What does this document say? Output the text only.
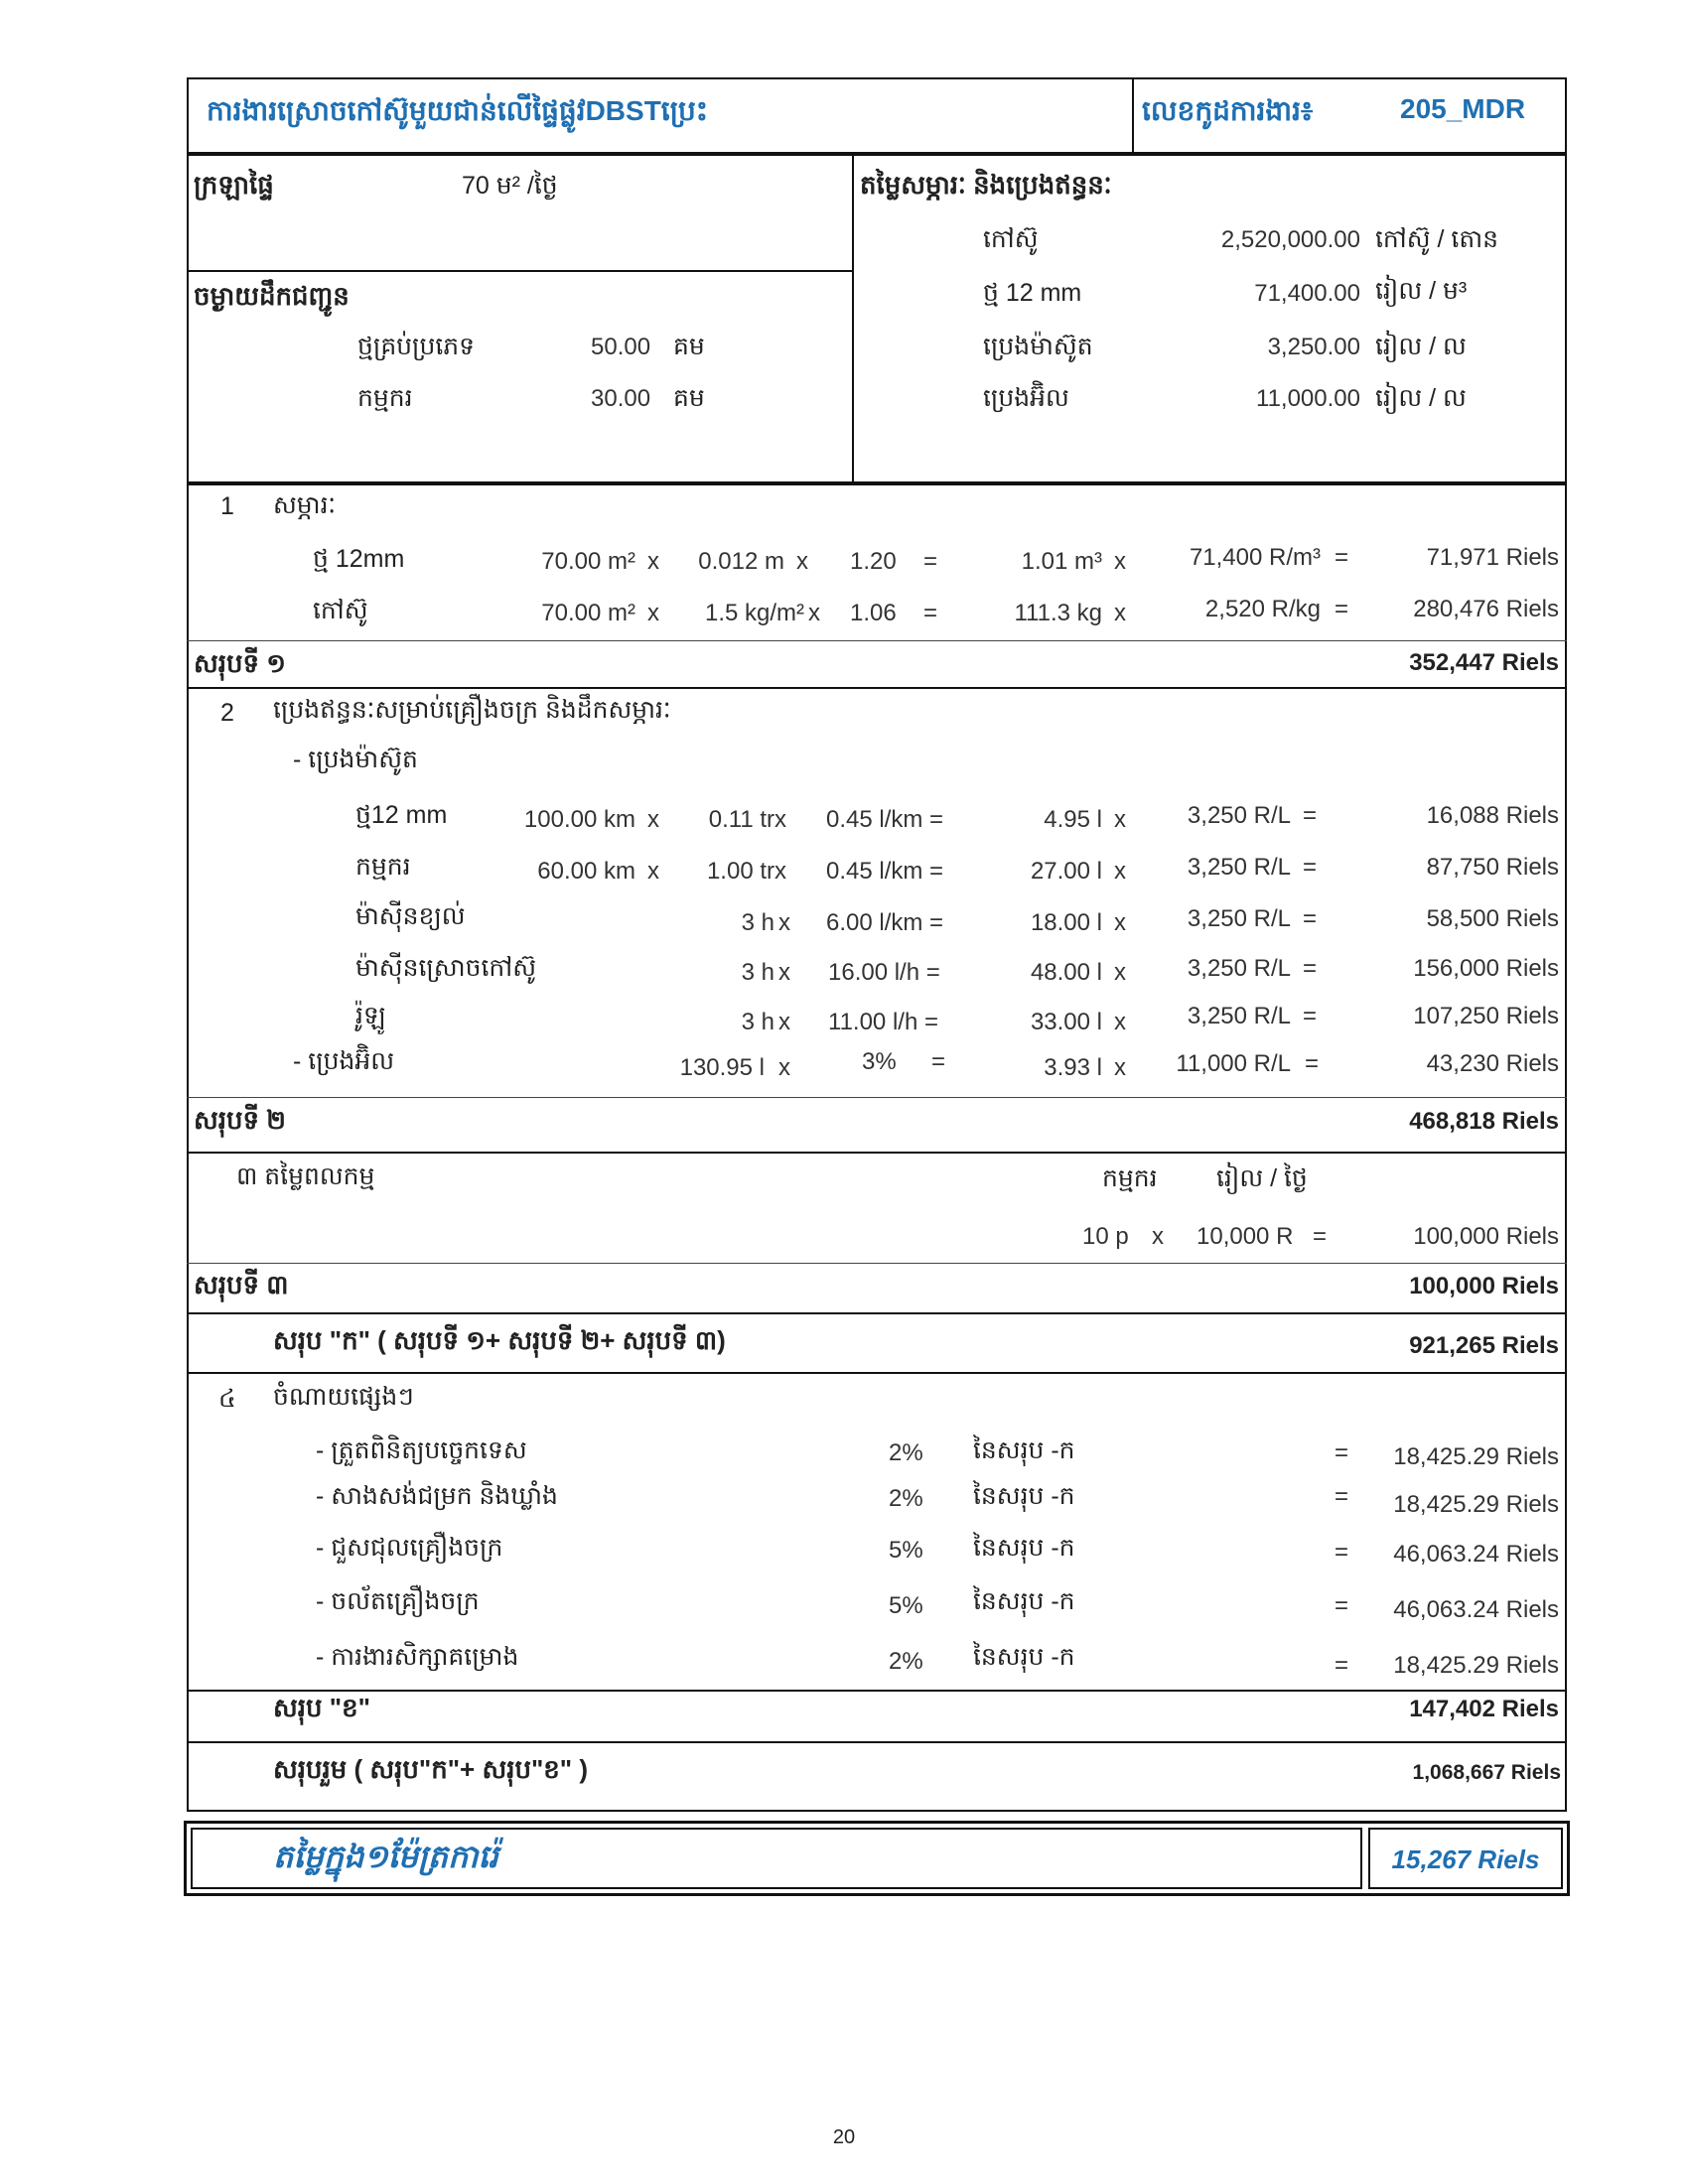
ការងារស្រោចកៅស៊ូមួយជាន់លើផ្ទៃផ្លូវDBSTប្រេះ	លេខកូដការងារ៖	205_MDR
ក្រឡាផ្ទៃ	70 ម² /ថ្ងៃ
ចម្ងាយដឹកជញ្ជូន
ថ្មគ្រប់ប្រភេទ	50.00 គម
កម្មករ	30.00 គម
តម្លៃសម្ភារៈ និងប្រេងឥន្ធនៈ
កៅស៊ូ	2,520,000.00 កៅស៊ូ / តោន
ថ្ម 12 mm	71,400.00 រៀល / ម³
ប្រេងម៉ាស៊ូត	3,250.00 រៀល / ល
ប្រេងអ៊ិល	11,000.00 រៀល / ល
1 សម្ភារៈ
ថ្ម 12mm	70.00 m² x	0.012 m x 1.20 =	1.01 m³ x	71,400 R/m³ =	71,971 Riels
កៅស៊ូ	70.00 m² x	1.5 kg/m² x 1.06 =	111.3 kg x	2,520 R/kg =	280,476 Riels
សរុបទី ១	352,447 Riels
2 ប្រេងឥន្ធនៈសម្រាប់គ្រឿងចក្រ និងដឹកសម្ភារៈ
- ប្រេងម៉ាស៊ូត
ថ្ម12 mm	100.00 km x	0.11 tr x 0.45 l/km =	4.95 l x	3,250 R/L =	16,088 Riels
កម្មករ	60.00 km x	1.00 tr x 0.45 l/km =	27.00 l x	3,250 R/L =	87,750 Riels
ម៉ាស៊ីនខ្យល់	3 h x 6.00 l/km =	18.00 l x	3,250 R/L =	58,500 Riels
ម៉ាស៊ីនស្រោចកៅស៊ូ	3 h x 16.00 l/h =	48.00 l x	3,250 R/L =	156,000 Riels
រ៉ូឡូ	3 h x 11.00 l/h =	33.00 l x	3,250 R/L =	107,250 Riels
- ប្រេងអ៊ិល	130.95 l x	3% =	3.93 l x	11,000 R/L =	43,230 Riels
សរុបទី ២	468,818 Riels
៣ តម្លៃពលកម្ម	កម្មករ រៀល / ថ្ងៃ
10 p x 10,000 R =	100,000 Riels
សរុបទី ៣	100,000 Riels
សរុប "ក" ( សរុបទី ១+ សរុបទី ២+ សរុបទី ៣)	921,265 Riels
៤ ចំណាយផ្សេងៗ
- ត្រួតពិនិត្យបច្ចេកទេស	2% នៃសរុប -ក	=	18,425.29 Riels
- សាងសង់ជម្រក និងឃ្លាំង	2% នៃសរុប -ក	=	18,425.29 Riels
- ជួសជុលគ្រឿងចក្រ	5% នៃសរុប -ក	=	46,063.24 Riels
- ចល័តគ្រឿងចក្រ	5% នៃសរុប -ក	=	46,063.24 Riels
- ការងារសិក្សាគម្រោង	2% នៃសរុប -ក	=	18,425.29 Riels
សរុប "ខ"	147,402 Riels
សរុបរួម ( សរុប"ក"+ សរុប"ខ" )	1,068,667 Riels
តម្លៃក្នុង១ម៉ែត្រការ៉េ	15,267 Riels
20
